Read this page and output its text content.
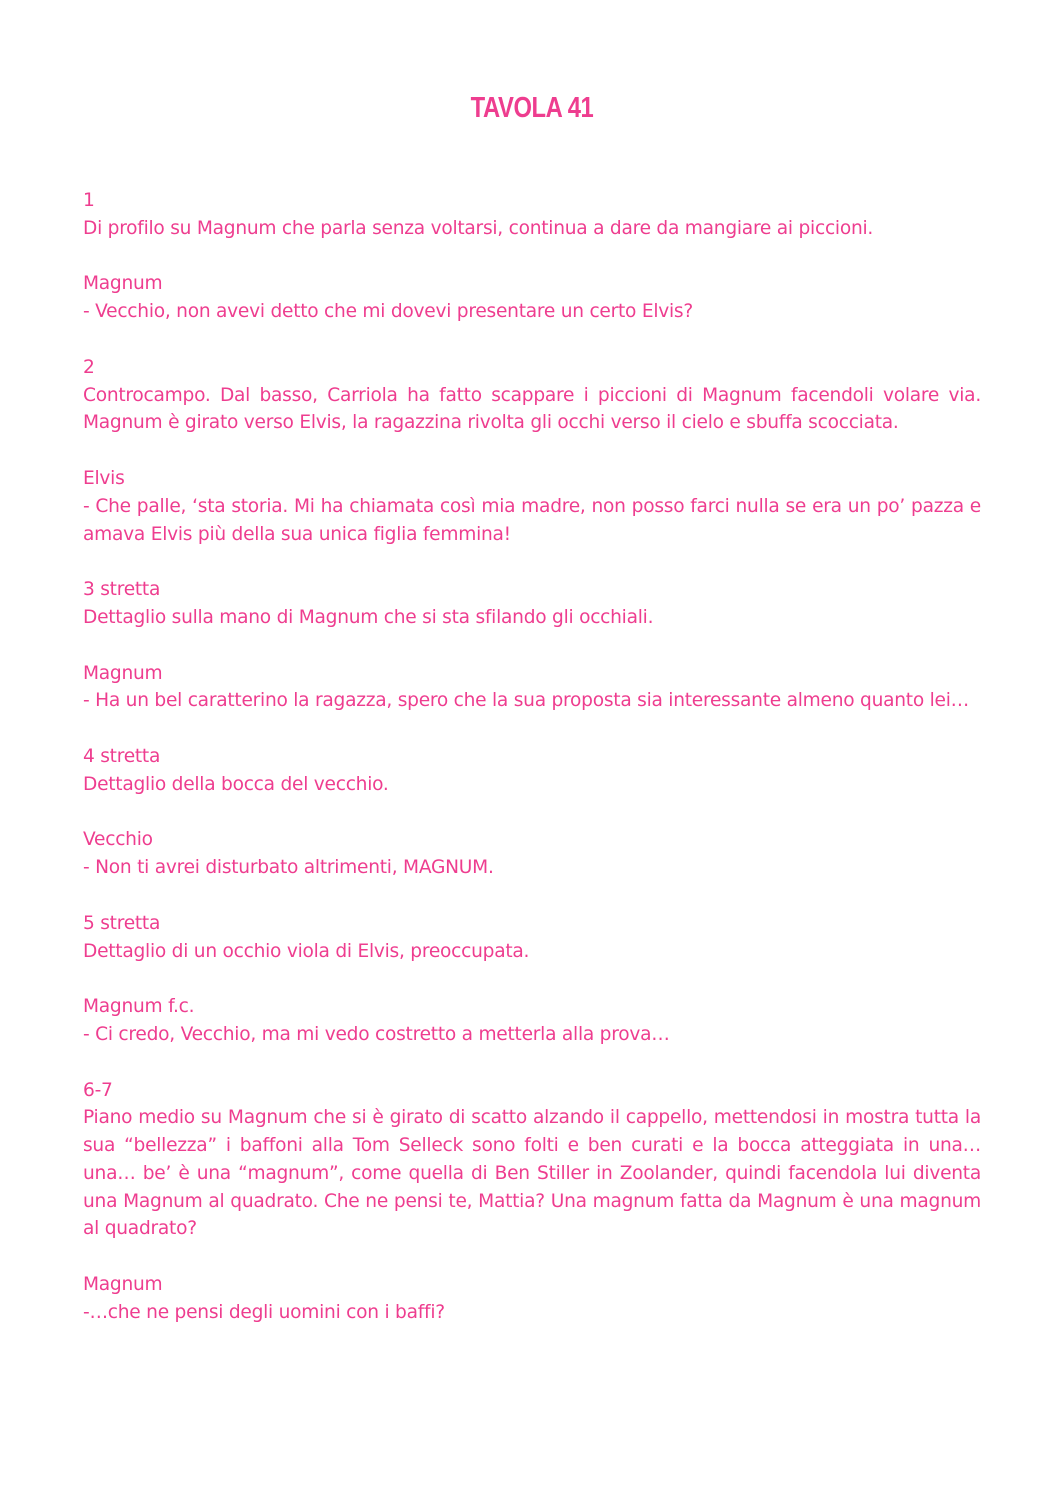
TAVOLA 41

1

Di profilo su Magnum che parla senza voltarsi, continua a dare da mangiare ai piccioni.

Magnum

- Vecchio, non avevi detto che mi dovevi presentare un certo Elvis?

2

Controcampo. Dal basso, Carriola ha fatto scappare i piccioni di Magnum facendoli volare via. Magnum è girato verso Elvis, la ragazzina rivolta gli occhi verso il cielo e sbuffa scocciata.

Elvis

- Che palle, ‘sta storia. Mi ha chiamata così mia madre, non posso farci nulla se era un po’ pazza e amava Elvis più della sua unica figlia femmina!

3 stretta

Dettaglio sulla mano di Magnum che si sta sfilando gli occhiali.

Magnum

- Ha un bel caratterino la ragazza, spero che la sua proposta sia interessante almeno quanto lei…

4 stretta

Dettaglio della bocca del vecchio.

Vecchio

- Non ti avrei disturbato altrimenti, MAGNUM.

5 stretta

Dettaglio di un occhio viola di Elvis, preoccupata.

Magnum f.c.

- Ci credo, Vecchio, ma mi vedo costretto a metterla alla prova…

6-7

Piano medio su Magnum che si è girato di scatto alzando il cappello, mettendosi in mostra tutta la sua “bellezza” i baffoni alla Tom Selleck sono folti e ben curati e la bocca atteggiata in una… una… be’ è una “magnum”, come quella di Ben Stiller in Zoolander, quindi facendola lui diventa una Magnum al quadrato. Che ne pensi te, Mattia? Una magnum fatta da Magnum è una magnum al quadrato?

Magnum

-…che ne pensi degli uomini con i baffi?
